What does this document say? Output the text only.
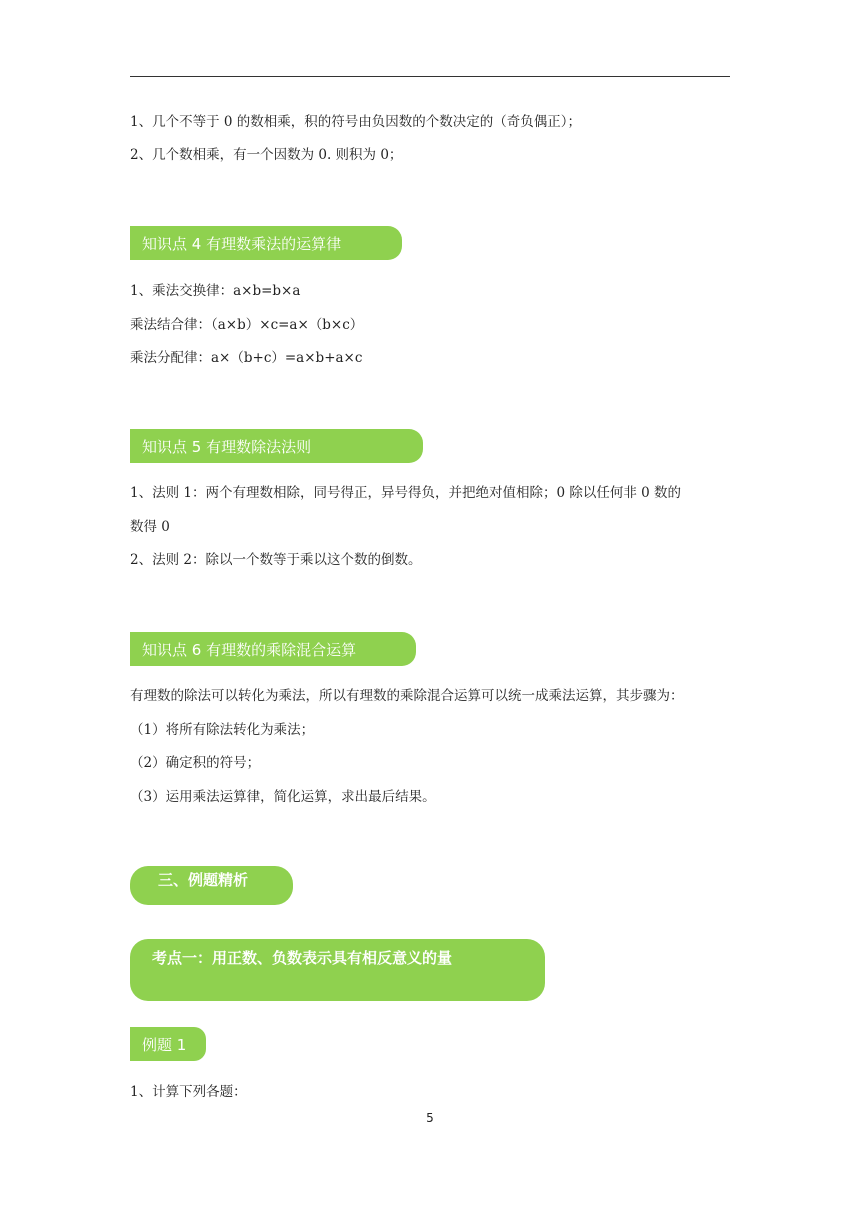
1、几个不等于 0 的数相乘，积的符号由负因数的个数决定的（奇负偶正）；
2、几个数相乘，有一个因数为 0. 则积为 0；
知识点 4 有理数乘法的运算律
1、乘法交换律：a×b=b×a
乘法结合律：（a×b）×c=a×（b×c）
乘法分配律：a×（b+c）=a×b+a×c
知识点 5 有理数除法法则
1、法则 1：两个有理数相除，同号得正，异号得负，并把绝对值相除；0 除以任何非 0 数的
数得 0
2、法则 2：除以一个数等于乘以这个数的倒数。
知识点 6 有理数的乘除混合运算
有理数的除法可以转化为乘法，所以有理数的乘除混合运算可以统一成乘法运算，其步骤为：
（1）将所有除法转化为乘法；
（2）确定积的符号；
（3）运用乘法运算律，简化运算，求出最后结果。
三、例题精析
考点一：用正数、负数表示具有相反意义的量
例题 1
1、计算下列各题：
5
